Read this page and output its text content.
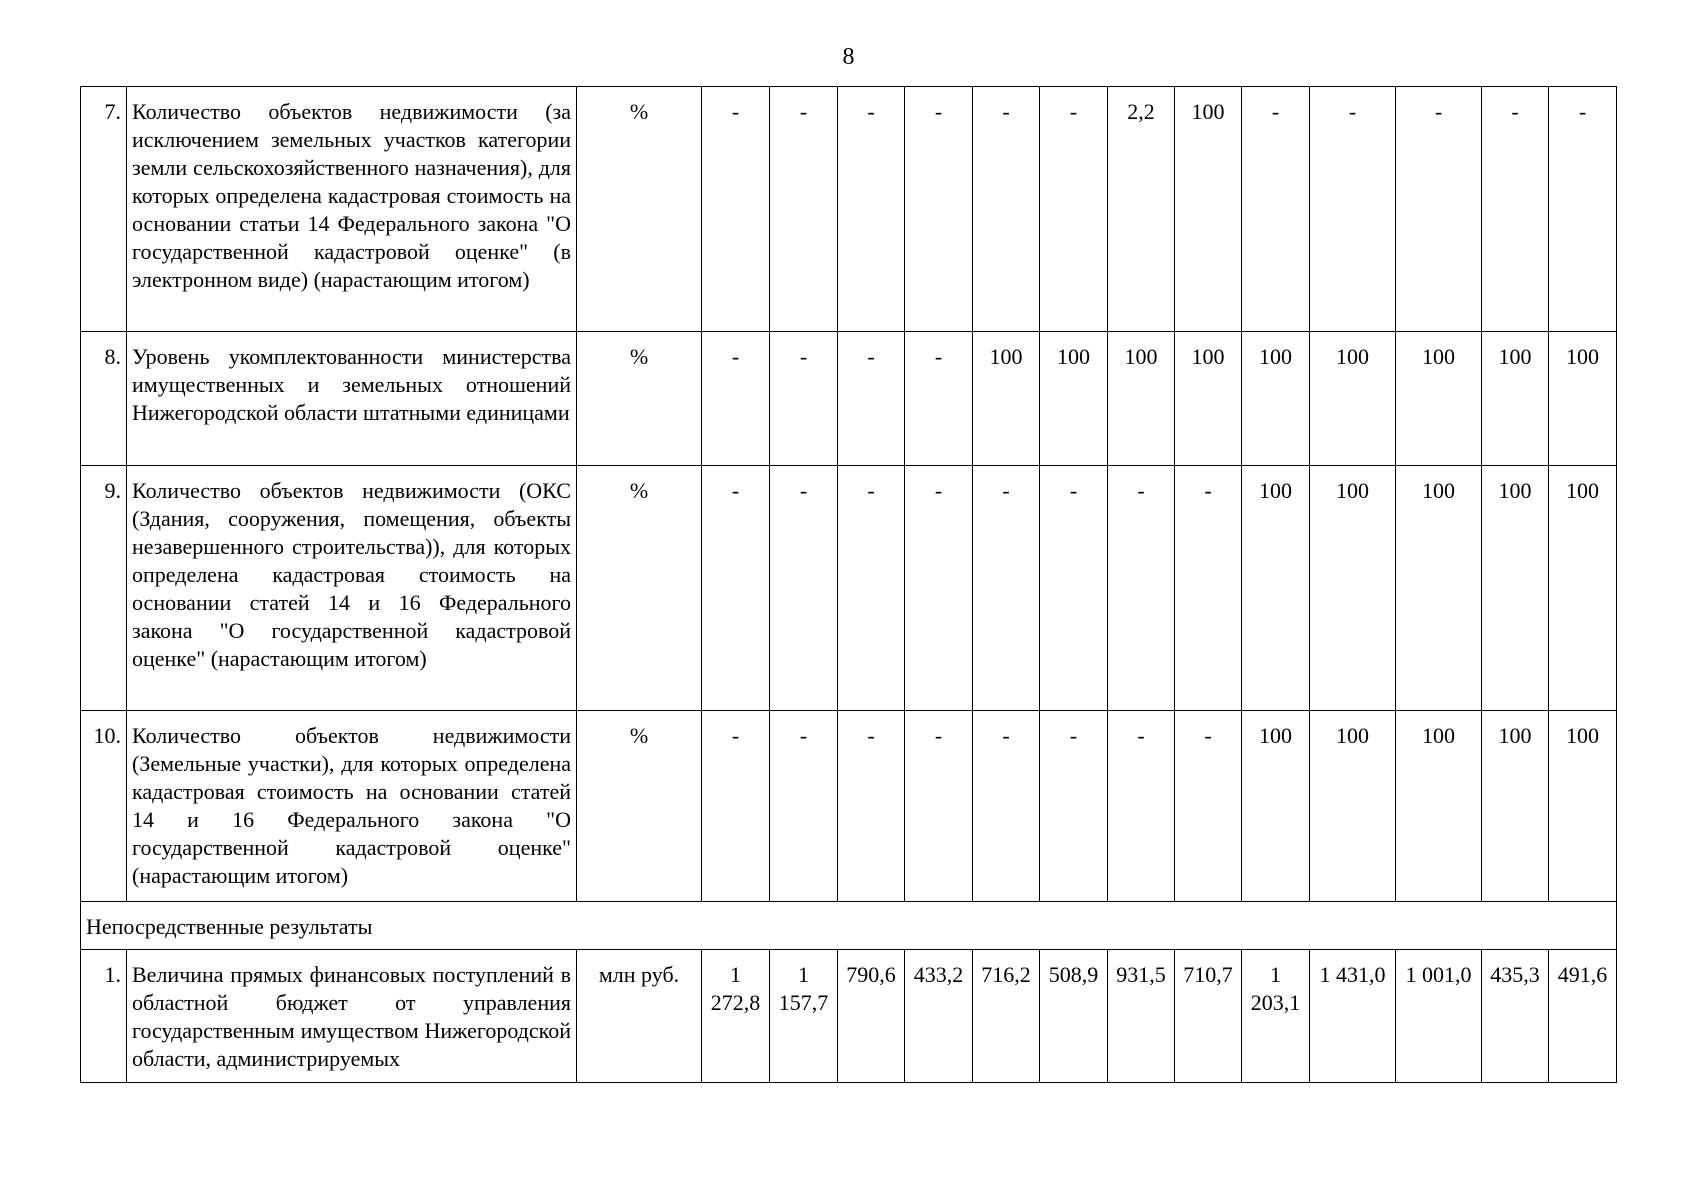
8
7.	Количество объектов недвижимости (за исключением земельных участков категории земли сельскохозяйственного назначения), для которых определена кадастровая стоимость на основании статьи 14 Федерального закона "О государственной кадастровой оценке" (в электронном виде) (нарастающим итогом)	%	-	-	-	-	-	-	2,2	100	-	-	-	-	-
8.	Уровень укомплектованности министерства имущественных и земельных отношений Нижегородской области штатными единицами	%	-	-	-	-	100	100	100	100	100	100	100	100	100
9.	Количество объектов недвижимости (ОКС (Здания, сооружения, помещения, объекты незавершенного строительства)), для которых определена кадастровая стоимость на основании статей 14 и 16 Федерального закона "О государственной кадастровой оценке" (нарастающим итогом)	%	-	-	-	-	-	-	-	-	100	100	100	100	100
10.	Количество объектов недвижимости (Земельные участки), для которых определена кадастровая стоимость на основании статей 14 и 16 Федерального закона "О государственной кадастровой оценке" (нарастающим итогом)	%	-	-	-	-	-	-	-	-	100	100	100	100	100
Непосредственные результаты															
1.	Величина прямых финансовых поступлений в областной бюджет от управления государственным имуществом Нижегородской области, администрируемых	млн руб.	1 272,8	1 157,7	790,6	433,2	716,2	508,9	931,5	710,7	1 203,1	1 431,0	1 001,0	435,3	491,6
